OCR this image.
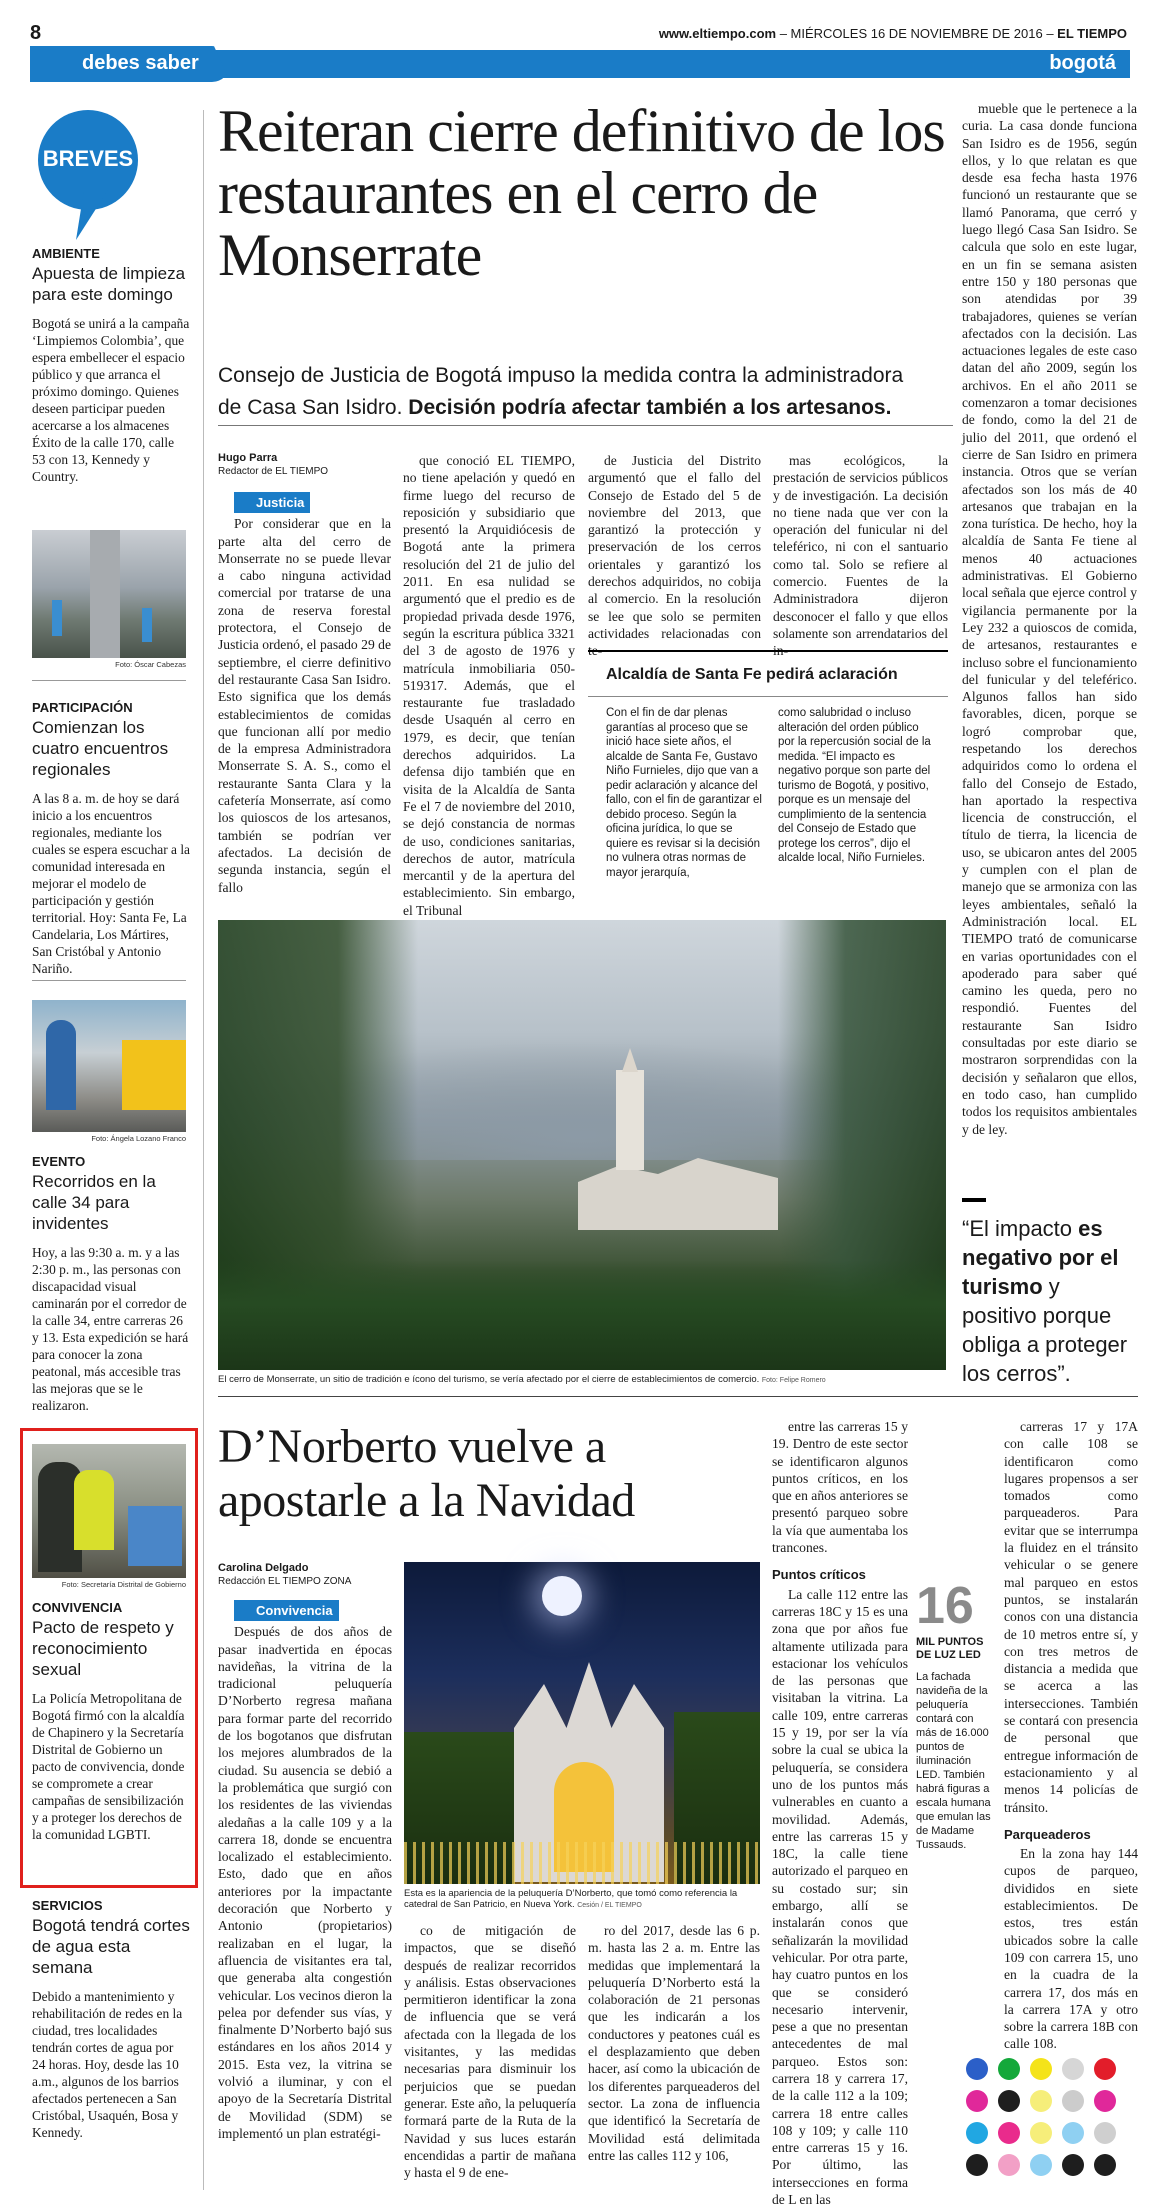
8	www.eltiempo.com – MIÉRCOLES 16 DE NOVIEMBRE DE 2016 – EL TIEMPO
debes saber	bogotá
BREVES
AMBIENTE
Apuesta de limpieza para este domingo
Bogotá se unirá a la campaña ‘Limpiemos Colombia’, que espera embellecer el espacio público y que arranca el próximo domingo. Quienes deseen participar pueden acercarse a los almacenes Éxito de la calle 170, calle 53 con 13, Kennedy y Country.
Foto: Óscar Cabezas
PARTICIPACIÓN
Comienzan los cuatro encuentros regionales
A las 8 a. m. de hoy se dará inicio a los encuentros regionales, mediante los cuales se espera escuchar a la comunidad interesada en mejorar el modelo de participación y gestión territorial. Hoy: Santa Fe, La Candelaria, Los Mártires, San Cristóbal y Antonio Nariño.
Foto: Ángela Lozano Franco
EVENTO
Recorridos en la calle 34 para invidentes
Hoy, a las 9:30 a. m. y a las 2:30 p. m., las personas con discapacidad visual caminarán por el corredor de la calle 34, entre carreras 26 y 13. Esta expedición se hará para conocer la zona peatonal, más accesible tras las mejoras que se le realizaron.
Foto: Secretaría Distrital de Gobierno
CONVIVENCIA
Pacto de respeto y reconocimiento sexual
La Policía Metropolitana de Bogotá firmó con la alcaldía de Chapinero y la Secretaría Distrital de Gobierno un pacto de convivencia, donde se compromete a crear campañas de sensibilización y a proteger los derechos de la comunidad LGBTI.
SERVICIOS
Bogotá tendrá cortes de agua esta semana
Debido a mantenimiento y rehabilitación de redes en la ciudad, tres localidades tendrán cortes de agua por 24 horas. Hoy, desde las 10 a.m., algunos de los barrios afectados pertenecen a San Cristóbal, Usaquén, Bosa y Kennedy.
Reiteran cierre definitivo de los restaurantes en el cerro de Monserrate
Consejo de Justicia de Bogotá impuso la medida contra la administradora de Casa San Isidro. Decisión podría afectar también a los artesanos.
Hugo Parra
Redactor de EL TIEMPO

Justicia

Por considerar que en la parte alta del cerro de Monserrate no se puede llevar a cabo ninguna actividad comercial por tratarse de una zona de reserva forestal protectora, el Consejo de Justicia ordenó, el pasado 29 de septiembre, el cierre definitivo del restaurante Casa San Isidro. Esto significa que los demás establecimientos de comidas que funcionan allí por medio de la empresa Administradora Monserrate S. A. S., como el restaurante Santa Clara y la cafetería Monserrate, así como los quioscos de los artesanos, también se podrían ver afectados. La decisión de segunda instancia, según el fallo

que conoció EL TIEMPO, no tiene apelación y quedó en firme luego del recurso de reposición y subsidiario que presentó la Arquidiócesis de Bogotá ante la primera resolución del 21 de julio del 2011. En esa nulidad se argumentó que el predio es de propiedad privada desde 1976, según la escritura pública 3321 del 3 de agosto de 1976 y matrícula inmobiliaria 050-519317. Además, que el restaurante fue trasladado desde Usaquén al cerro en 1979, es decir, que tenían derechos adquiridos. La defensa dijo también que en visita de la Alcaldía de Santa Fe el 7 de noviembre del 2010, se dejó constancia de normas de uso, condiciones sanitarias, derechos de autor, matrícula mercantil y de la apertura del establecimiento. Sin embargo, el Tribunal

de Justicia del Distrito argumentó que el fallo del Consejo de Estado del 5 de noviembre del 2013, que garantizó la protección y preservación de los cerros orientales y garantizó los derechos adquiridos, no cobija al comercio. En la resolución se lee que solo se permiten actividades relacionadas con te-

mas ecológicos, la prestación de servicios públicos y de investigación. La decisión no tiene nada que ver con la operación del funicular ni del teleférico, ni con el santuario como tal. Solo se refiere al comercio. Fuentes de la Administradora dijeron desconocer el fallo y que ellos solamente son arrendatarios del in-

Alcaldía de Santa Fe pedirá aclaración
Con el fin de dar plenas garantías al proceso que se inició hace siete años, el alcalde de Santa Fe, Gustavo Niño Furnieles, dijo que van a pedir aclaración y alcance del fallo, con el fin de garantizar el debido proceso. Según la oficina jurídica, lo que se quiere es revisar si la decisión no vulnera otras normas de mayor jerarquía,
como salubridad o incluso alteración del orden público por la repercusión social de la medida. “El impacto es negativo porque son parte del turismo de Bogotá, y positivo, porque es un mensaje del cumplimiento de la sentencia del Consejo de Estado que protege los cerros”, dijo el alcalde local, Niño Furnieles.

mueble que le pertenece a la curia. La casa donde funciona San Isidro es de 1956, según ellos, y lo que relatan es que desde esa fecha hasta 1976 funcionó un restaurante que se llamó Panorama, que cerró y luego llegó Casa San Isidro. Se calcula que solo en este lugar, en un fin se semana asisten entre 150 y 180 personas que son atendidas por 39 trabajadores, quienes se verían afectados con la decisión. Las actuaciones legales de este caso datan del año 2009, según los archivos. En el año 2011 se comenzaron a tomar decisiones de fondo, como la del 21 de julio del 2011, que ordenó el cierre de San Isidro en primera instancia. Otros que se verían afectados son los más de 40 artesanos que trabajan en la zona turística. De hecho, hoy la alcaldía de Santa Fe tiene al menos 40 actuaciones administrativas. El Gobierno local señala que ejerce control y vigilancia permanente por la Ley 232 a quioscos de comida, de artesanos, restaurantes e incluso sobre el funcionamiento del funicular y del teleférico. Algunos fallos han sido favorables, dicen, porque se logró comprobar que, respetando los derechos adquiridos como lo ordena el fallo del Consejo de Estado, han aportado la respectiva licencia de construcción, el título de tierra, la licencia de uso, se ubicaron antes del 2005 y cumplen con el plan de manejo que se armoniza con las leyes ambientales, señaló la Administración local. EL TIEMPO trató de comunicarse en varias oportunidades con el apoderado para saber qué camino les queda, pero no respondió. Fuentes del restaurante San Isidro consultadas por este diario se mostraron sorprendidas con la decisión y señalaron que ellos, en todo caso, han cumplido todos los requisitos ambientales y de ley.

El cerro de Monserrate, un sitio de tradición e ícono del turismo, se vería afectado por el cierre de establecimientos de comercio. Foto: Felipe Romero
“El impacto es negativo por el turismo y positivo porque obliga a proteger los cerros”.
D’Norberto vuelve a apostarle a la Navidad
Carolina Delgado
Redacción EL TIEMPO ZONA

Convivencia

Después de dos años de pasar inadvertida en épocas navideñas, la vitrina de la tradicional peluquería D’Norberto regresa mañana para formar parte del recorrido de los bogotanos que disfrutan los mejores alumbrados de la ciudad. Su ausencia se debió a la problemática que surgió con los residentes de las viviendas aledañas a la calle 109 y a la carrera 18, donde se encuentra localizado el establecimiento. Esto, dado que en años anteriores por la impactante decoración que Norberto y Antonio (propietarios) realizaban en el lugar, la afluencia de visitantes era tal, que generaba alta congestión vehicular. Los vecinos dieron la pelea por defender sus vías, y finalmente D’Norberto bajó sus estándares en los años 2014 y 2015. Esta vez, la vitrina se volvió a iluminar, y con el apoyo de la Secretaría Distrital de Movilidad (SDM) se implementó un plan estratégi-

Esta es la apariencia de la peluquería D’Norberto, que tomó como referencia la catedral de San Patricio, en Nueva York. Cesión / EL TIEMPO

co de mitigación de impactos, que se diseñó después de realizar recorridos y análisis. Estas observaciones permitieron identificar la zona de influencia que se verá afectada con la llegada de los visitantes, y las medidas necesarias para disminuir los perjuicios que se puedan generar. Este año, la peluquería formará parte de la Ruta de la Navidad y sus luces estarán encendidas a partir de mañana y hasta el 9 de ene-

ro del 2017, desde las 6 p. m. hasta las 2 a. m. Entre las medidas que implementará la peluquería D’Norberto está la colaboración de 21 personas que les indicarán a los conductores y peatones cuál es el desplazamiento que deben hacer, así como la ubicación de los diferentes parqueaderos del sector. La zona de influencia que identificó la Secretaría de Movilidad está delimitada entre las calles 112 y 106,

entre las carreras 15 y 19. Dentro de este sector se identificaron algunos puntos críticos, en los que en años anteriores se presentó parqueo sobre la vía que aumentaba los trancones.

Puntos críticos

La calle 112 entre las carreras 18C y 15 es una zona que por años fue altamente utilizada para estacionar los vehículos de las personas que visitaban la vitrina. La calle 109, entre carreras 15 y 19, por ser la vía sobre la cual se ubica la peluquería, se considera uno de los puntos más vulnerables en cuanto a movilidad. Además, entre las carreras 15 y 18C, la calle tiene autorizado el parqueo en su costado sur; sin embargo, allí se instalarán conos que señalizarán la movilidad vehicular. Por otra parte, hay cuatro puntos en los que se consideró necesario intervenir, pese a que no presentan antecedentes de mal parqueo. Estos son: carrera 18 y carrera 17, de la calle 112 a la 109; carrera 18 entre calles 108 y 109; y calle 110 entre carreras 15 y 16. Por último, las intersecciones en forma de L en las

16
MIL PUNTOS DE LUZ LED
La fachada navideña de la peluquería contará con más de 16.000 puntos de iluminación LED. También habrá figuras a escala humana que emulan las de Madame Tussauds.

carreras 17 y 17A con calle 108 se identificaron como lugares propensos a ser tomados como parqueaderos. Para evitar que se interrumpa la fluidez en el tránsito vehicular o se genere mal parqueo en estos puntos, se instalarán conos con una distancia de 10 metros entre sí, y con tres metros de distancia a medida que se acerca a las intersecciones. También se contará con presencia de personal que entregue información de estacionamiento y al menos 14 policías de tránsito.

Parqueaderos

En la zona hay 144 cupos de parqueo, divididos en siete establecimientos. De estos, tres están ubicados sobre la calle 109 con carrera 15, uno en la cuadra de la carrera 17, dos más en la carrera 17A y otro sobre la carrera 18B con calle 108.
